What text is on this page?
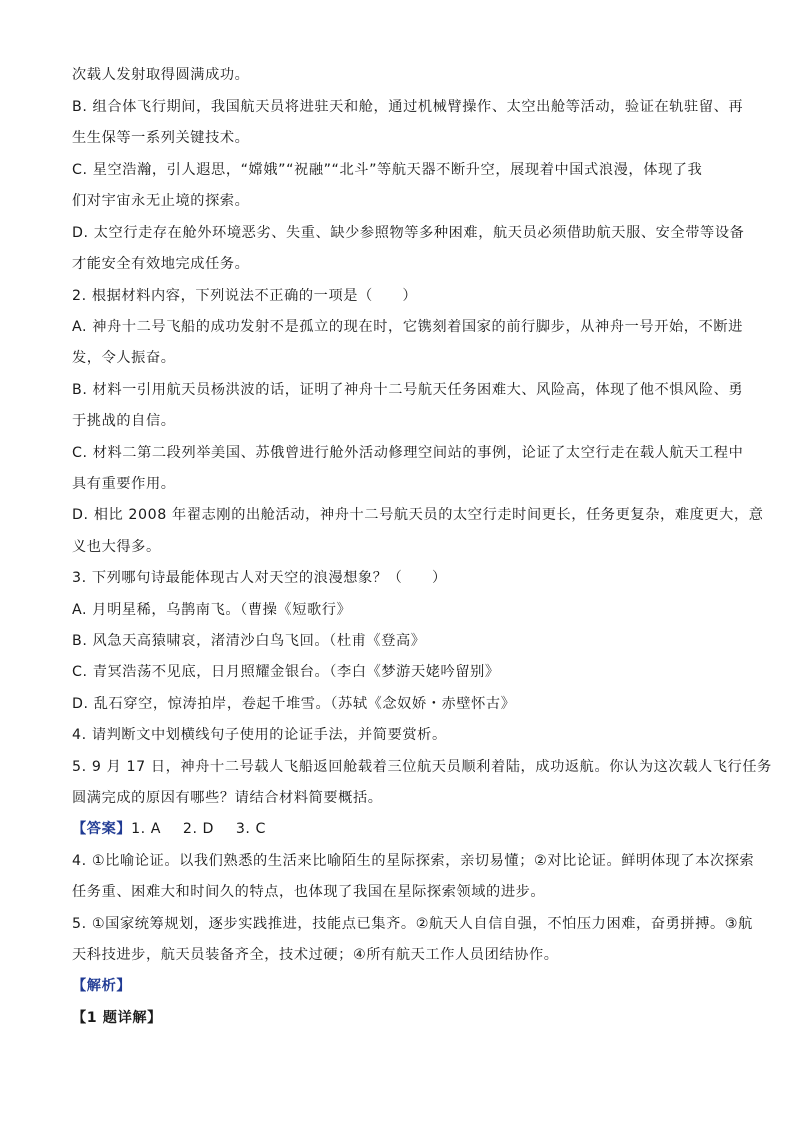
次载人发射取得圆满成功。
B. 组合体飞行期间，我国航天员将进驻天和舱，通过机械臂操作、太空出舱等活动，验证在轨驻留、再
生生保等一系列关键技术。
C. 星空浩瀚，引人遐思，“嫦娥”“祝融”“北斗”等航天器不断升空，展现着中国式浪漫，体现了我
们对宇宙永无止境的探索。
D. 太空行走存在舱外环境恶劣、失重、缺少参照物等多种困难，航天员必须借助航天服、安全带等设备
才能安全有效地完成任务。
2. 根据材料内容，下列说法不正确的一项是（　　）
A. 神舟十二号飞船的成功发射不是孤立的现在时，它镌刻着国家的前行脚步，从神舟一号开始，不断进
发，令人振奋。
B. 材料一引用航天员杨洪波的话，证明了神舟十二号航天任务困难大、风险高，体现了他不惧风险、勇
于挑战的自信。
C. 材料二第二段列举美国、苏俄曾进行舱外活动修理空间站的事例，论证了太空行走在载人航天工程中
具有重要作用。
D. 相比 2008 年翟志刚的出舱活动，神舟十二号航天员的太空行走时间更长，任务更复杂，难度更大，意
义也大得多。
3. 下列哪句诗最能体现古人对天空的浪漫想象？（　　）
A. 月明星稀，乌鹊南飞。（曹操《短歌行》
B. 风急天高猿啸哀，渚清沙白鸟飞回。（杜甫《登高》
C. 青冥浩荡不见底，日月照耀金银台。（李白《梦游天姥吟留别》
D. 乱石穿空，惊涛拍岸，卷起千堆雪。（苏轼《念奴娇・赤壁怀古》
4. 请判断文中划横线句子使用的论证手法，并简要赏析。
5. 9 月 17 日，神舟十二号载人飞船返回舱载着三位航天员顺利着陆，成功返航。你认为这次载人飞行任务
圆满完成的原因有哪些？请结合材料简要概括。
【答案】1. A 2. D 3. C
4. ①比喻论证。以我们熟悉的生活来比喻陌生的星际探索，亲切易懂；②对比论证。鲜明体现了本次探索
任务重、困难大和时间久的特点，也体现了我国在星际探索领域的进步。
5. ①国家统筹规划，逐步实践推进，技能点已集齐。②航天人自信自强，不怕压力困难，奋勇拼搏。③航
天科技进步，航天员装备齐全，技术过硬；④所有航天工作人员团结协作。
【解析】
【1 题详解】
